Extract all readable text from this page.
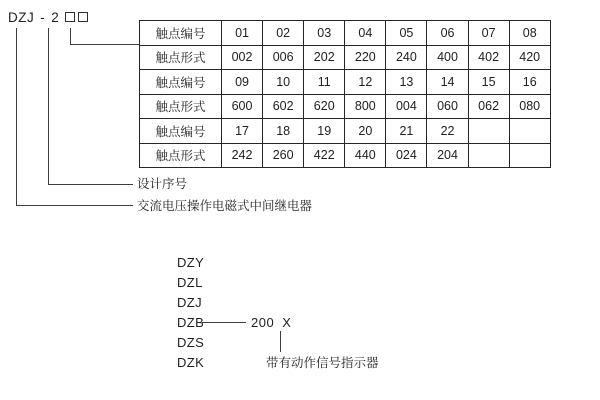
DZJ - 2
触点编号	01	02	03	04	05	06	07	08
触点形式	002	006	202	220	240	400	402	420
触点编号	09	10	11	12	13	14	15	16
触点形式	600	602	620	800	004	060	062	080
触点编号	17	18	19	20	21	22		
触点形式	242	260	422	440	024	204		
设计序号
交流电压操作电磁式中间继电器
DZY
DZL
DZJ
DZB
DZS
DZK
200 X
带有动作信号指示器
